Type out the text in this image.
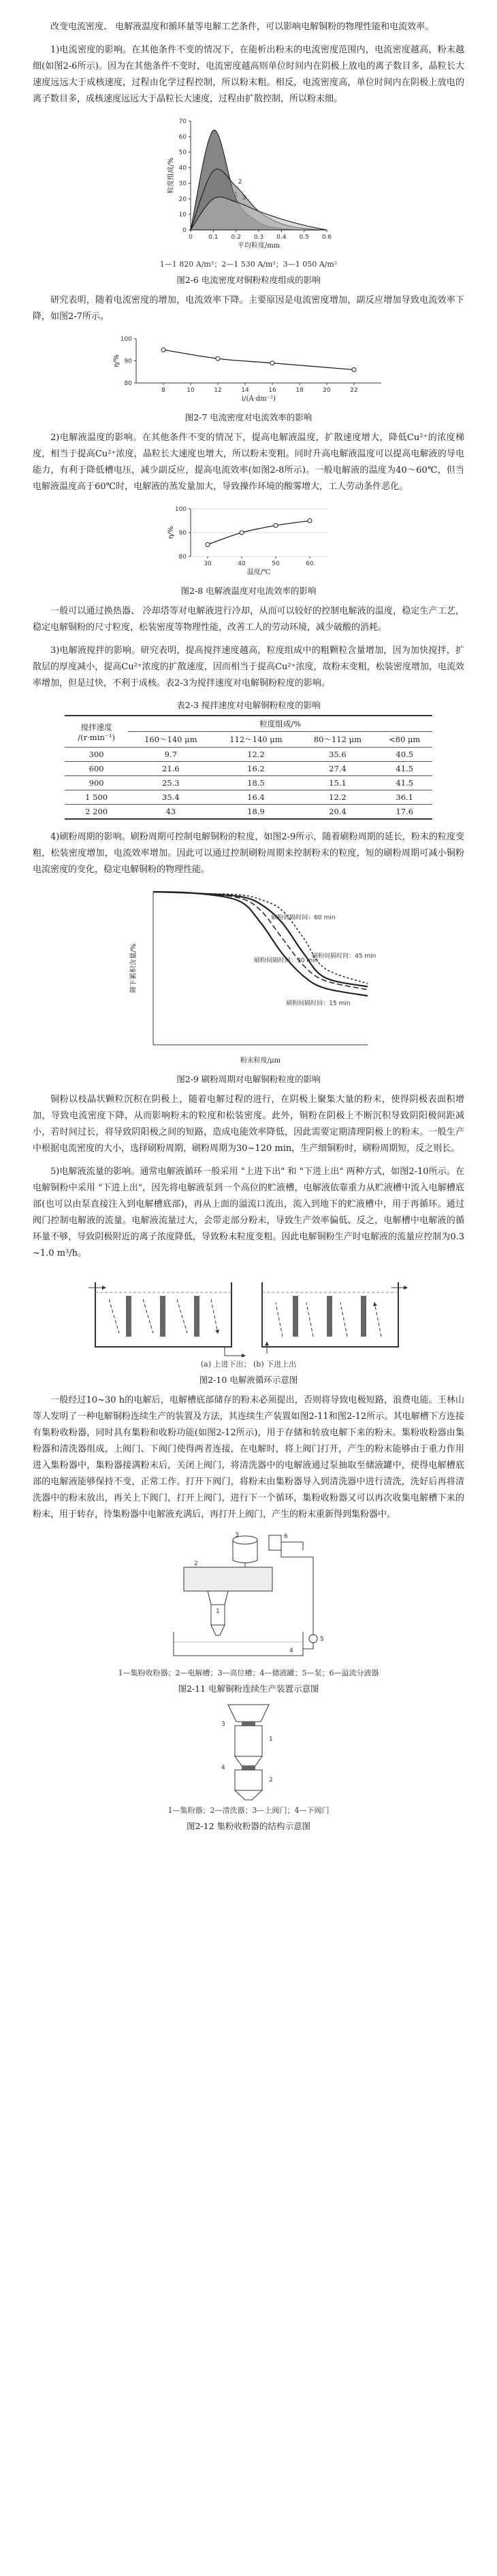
改变电流密度、 电解液温度和循环量等电解工艺条件，可以影响电解铜粉的物理性能和电流效率。

1)电流密度的影响。在其他条件不变的情况下，在能析出粉末的电流密度范围内，电流密度越高，粉末越细(如图2-6所示)。因为在其他条件不变时，电流密度越高则单位时间内在阴极上放电的离子数目多，晶粒长大速度远远大于成核速度，过程由化学过程控制，所以粉末粗。相反，电流密度高，单位时间内在阴极上放电的离子数目多，成核速度远远大于晶粒长大速度，过程由扩散控制，所以粉末细。

平均粒度/mm
粒度组成/%
0
10
20
30
40
50
60
70
0	0.1 0.2 0.3 0.4 0.5 0.6
2
3
1—1 820 A/m²；2—1 530 A/m²；3—1 050 A/m²
图2-6 电流密度对铜粉粒度组成的影响

研究表明，随着电流密度的增加，电流效率下降。主要原因是电流密度增加，副反应增加导致电流效率下降，如图2-7所示。

i/(A·dm⁻²)
η/%
80
90
100
8	10	12	14	16	18	20	22
图2-7 电流密度对电流效率的影响

2)电解液温度的影响。在其他条件不变的情况下，提高电解液温度，扩散速度增大，降低Cu²⁺的浓度梯度，相当于提高Cu²⁺浓度，晶粒长大速度也增大，所以粉末变粗。同时升高电解液温度可以提高电解液的导电能力，有利于降低槽电压，减少副反应，提高电流效率(如图2-8所示)。一般电解液的温度为40～60℃，但当电解液温度高于60℃时，电解液的蒸发量加大，导致操作环境的酸雾增大，工人劳动条件恶化。

温度/℃
η/%
80
90
100
30	40	50	60
图2-8 电解液温度对电流效率的影响

一般可以通过换热器、 冷却塔等对电解液进行冷却，从而可以较好的控制电解液的温度，稳定生产工艺，稳定电解铜粉的尺寸粒度，松装密度等物理性能，改善工人的劳动环境，减少破酸的消耗。

3)电解液搅拌的影响。研究表明，提高搅拌速度越高，粒度组成中的粗颗粒含量增加，因为加快搅拌，扩散层的厚度减小，提高Cu²⁺浓度的扩散速度，因而相当于提高Cu²⁺浓度，故粉末变粗，松装密度增加，电流效率增加，但是过快，不利于成核。表2-3为搅拌速度对电解铜粉粒度的影响。

表2-3 搅拌速度对电解铜粉粒度的影响
搅拌速度
/(r·min⁻¹)	粒度组成/%			
	160～140 μm	112～140 μm	80～112 μm	<80 μm
300	9.7	12.2	35.6	40.5
600	21.6	16.2	27.4	41.5
900	25.3	18.5	15.1	41.5
1 500	35.4	16.4	12.2	36.1
2 200	43	18.9	20.4	17.6

4)刷粉周期的影响。刷粉周期可控制电解铜粉的粒度，如图2-9所示，随着刷粉周期的延长，粉末的粒度变粗，松装密度增加，电流效率增加。因此可以通过控制刷粉周期来控制粉末的粒度，短的刷粉周期可减小铜粉电流密度的变化，稳定电解铜粉的物理性能。

粉末粒度/μm
筛下累积含量/%
刷粉间隔时间：60 min
刷粉间隔时间：45 min
刷粉间隔时间：30 min
刷粉间隔时间：15 min
图2-9 刷粉周期对电解铜粉粒度的影响

铜粉以枝晶状颗粒沉积在阴极上，随着电解过程的进行，在阴极上聚集大量的粉末，使得阴极表面积增加，导致电流密度下降，从而影响粉末的粒度和松装密度。此外，铜粉在阴极上不断沉积导致阴阳极间距减小，若时间过长，将导致阴阳极之间的短路，造成电能效率降低，因此需要定期清理阴极上的粉末。一般生产中根据电流密度的大小，选择刷粉周期，刷粉周期为30~120 min，生产细铜粉时，刷粉周期短，反之则长。

5)电解液流量的影响。通常电解液循环一般采用 "上进下出" 和 "下进上出" 两种方式，如图2-10所示。在电解铜粉中采用 "下进上出"，因先将电解液泵到一个高位的贮液槽，电解液依靠重力从贮液槽中流入电解槽底部(也可以由泵直接注入到电解槽底部)，再从上面的溢流口流出，流入到地下的贮液槽中，用于再循环。通过阀门控制电解液的流量。电解液流量过大，会带走部分粉末，导致生产效率偏低、反之，电解槽中电解液的循环量不够，导致阴极附近的离子浓度降低，导致粉末粒度变粗。因此电解铜粉生产时电解液的流量应控制为0.3~1.0 m³/h。

(a) 上进下出； (b) 下进上出
图2-10 电解液循环示意图

一般经过10~30 h的电解后，电解槽底部储存的粉末必须提出，否则将导致电极短路，浪费电能。王林山等人发明了一种电解铜粉连续生产的装置及方法，其连续生产装置如图2-11和图2-12所示。其电解槽下方连接有集粉收粉器，同时具有集粉和收粉功能(如图2-12所示)，用于存储和转放电解下来的粉末。集粉收粉器由集粉器和清洗器组成，上阀门、下阀门使得两者连接，在电解时，将上阀门打开，产生的粉末能够由于重力作用进入集粉器中，集粉器接满粉末后，关闭上阀门，将清洗器中的电解液通过泵抽取至储液罐中，使得电解槽底部的电解液能够保持不变，正常工作。打开下阀门，将粉末由集粉器导入到清洗器中进行清洗，洗好后再将清洗器中的粉末放出，再关上下阀门，打开上阀门，进行下一个循环，集粉收粉器又可以再次收集电解槽下来的粉末，用于转存，待集粉器中电解液充满后，再打开上阀门，产生的粉末重新得到集粉器中。

1
2
3
4
5
6
1—集粉收粉器；2—电解槽；3—高位槽；4—储液罐；5—泵；6—溢流分液器
图2-11 电解铜粉连续生产装置示意图
1
2
3
4
1—集粉器；2—清洗器；3—上阀门；4—下阀门
图2-12 集粉收粉器的结构示意图
